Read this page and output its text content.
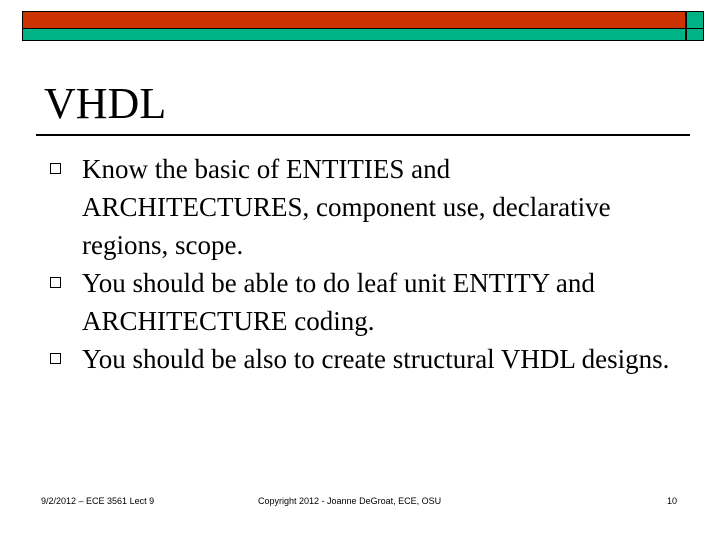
VHDL
Know the basic of ENTITIES and ARCHITECTURES, component use, declarative regions, scope.
You should be able to do leaf unit ENTITY and ARCHITECTURE coding.
You should be also to create structural VHDL designs.
9/2/2012 – ECE 3561 Lect 9	Copyright 2012 - Joanne DeGroat, ECE, OSU	10
